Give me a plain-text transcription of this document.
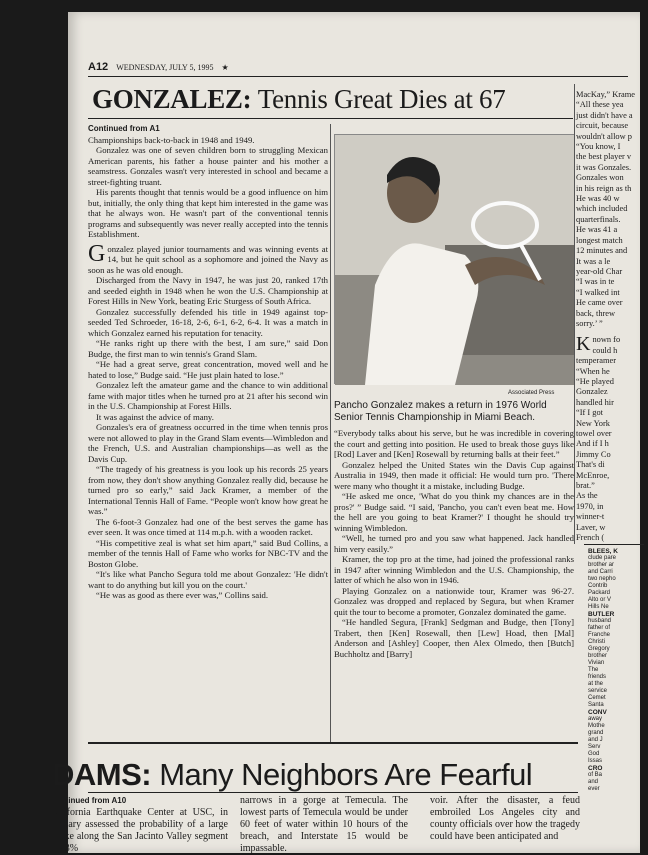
A12 WEDNESDAY, JULY 5, 1995 ★
GONZALEZ: Tennis Great Dies at 67
Continued from A1

Championships back-to-back in 1948 and 1949.

Gonzalez was one of seven children born to struggling Mexican American parents, his father a house painter and his mother a seamstress. Gonzales wasn't very interested in school and became a street-fighting truant.

His parents thought that tennis would be a good influence on him but, initially, the only thing that kept him interested in the game was that he always won. He wasn't part of the conventional tennis programs and subsequently was never really accepted into the tennis Establishment.

Gonzalez played junior tournaments and was winning events at 14, but he quit school as a sophomore and joined the Navy as soon as he was old enough.

Discharged from the Navy in 1947, he was just 20, ranked 17th and seeded eighth in 1948 when he won the U.S. Championship at Forest Hills in New York, beating Eric Sturgess of South Africa.

Gonzalez successfully defended his title in 1949 against top-seeded Ted Schroeder, 16-18, 2-6, 6-1, 6-2, 6-4. It was a match in which Gonzalez earned his reputation for tenacity.

“He ranks right up there with the best, I am sure,” said Don Budge, the first man to win tennis's Grand Slam.

“He had a great serve, great concentration, moved well and he hated to lose,” Budge said. “He just plain hated to lose.”

Gonzalez left the amateur game and the chance to win additional fame with major titles when he turned pro at 21 after his second win in the U.S. Championship at Forest Hills.

It was against the advice of many.

Gonzales's era of greatness occurred in the time when tennis pros were not allowed to play in the Grand Slam events—Wimbledon and the French, U.S. and Australian championships—as well as the Davis Cup.

“The tragedy of his greatness is you look up his records 25 years from now, they don't show anything Gonzalez really did, because he turned pro so early,” said Jack Kramer, a member of the International Tennis Hall of Fame. “People won't know how great he was.”

The 6-foot-3 Gonzalez had one of the best serves the game has ever seen. It was once timed at 114 m.p.h. with a wooden racket.

“His competitive zeal is what set him apart,” said Bud Collins, a member of the tennis Hall of Fame who works for NBC-TV and the Boston Globe.

“It's like what Pancho Segura told me about Gonzalez: 'He didn't want to do anything but kill you on the court.'

“He was as good as there ever was,” Collins said.

Associated Press
Pancho Gonzalez makes a return in 1976 World Senior Tennis Championship in Miami Beach.

“Everybody talks about his serve, but he was incredible in covering the court and getting into position. He used to break those guys like [Rod] Laver and [Ken] Rosewall by returning balls at their feet.”

Gonzalez helped the United States win the Davis Cup against Australia in 1949, then made it official: He would turn pro. 'There were many who thought it a mistake, including Budge.

“He asked me once, 'What do you think my chances are in the pros?' ” Budge said. “I said, 'Pancho, you can't even beat me. How the hell are you going to beat Kramer?' I thought he should try winning Wimbledon.

“Well, he turned pro and you saw what happened. Jack handled him very easily.”

Kramer, the top pro at the time, had joined the professional ranks in 1947 after winning Wimbledon and the U.S. Championship, the latter of which he also won in 1946.

Playing Gonzalez on a nationwide tour, Kramer was 96-27. Gonzalez was dropped and replaced by Segura, but when Kramer quit the tour to become a promoter, Gonzalez dominated the game.

“He handled Segura, [Frank] Sedgman and Budge, then [Tony] Trabert, then [Ken] Rosewall, then [Lew] Hoad, then [Mal] Anderson and [Ashley] Cooper, then Alex Olmedo, then [Butch] Buchholtz and [Barry]

MacKay,” Krame

“All these yea

just didn't have a

circuit, because

wouldn't allow p

“You know, I

the best player v

it was Gonzales.

Gonzales won

in his reign as th

He was 40 w

which included

quarterfinals.

He was 41 a

longest match

12 minutes and

It was a le

year-old Char

“I was in te

“I walked int

He came over

back, threw

sorry.’ ”

K nown fo

could h

temperamer

“When he

“He played

Gonzalez

handled hir

“If I got

New York

towel over

And if I h

Jimmy Co

That's di

McEnroe,

brat.”

As the

1970, in

winner-t

Laver, w

French (

BLEES, K
clude pare
brother ar
and Carri
two nepho
Contrib
Packard
Alto or V
Hills Ne
BUTLER
husband
father of
Franche
Christi
Gregory
brother
Vivian
The
friends
at the
service
Cemet
Santa
CONV
away
Mothe
grand
and J
Serv
God
Issas
CRO
of Ba
and
ever
DAMS: Many Neighbors Are Fearful
Continued from A10

California Earthquake Center at USC, in January assessed the probability of a large quake along the San Jacinto Valley segment at 43%

narrows in a gorge at Temecula. The lowest parts of Temecula would be under 60 feet of water within 10 hours of the breach, and Interstate 15 would be impassable.

voir. After the disaster, a feud embroiled Los Angeles city and county officials over how the tragedy could have been anticipated and
